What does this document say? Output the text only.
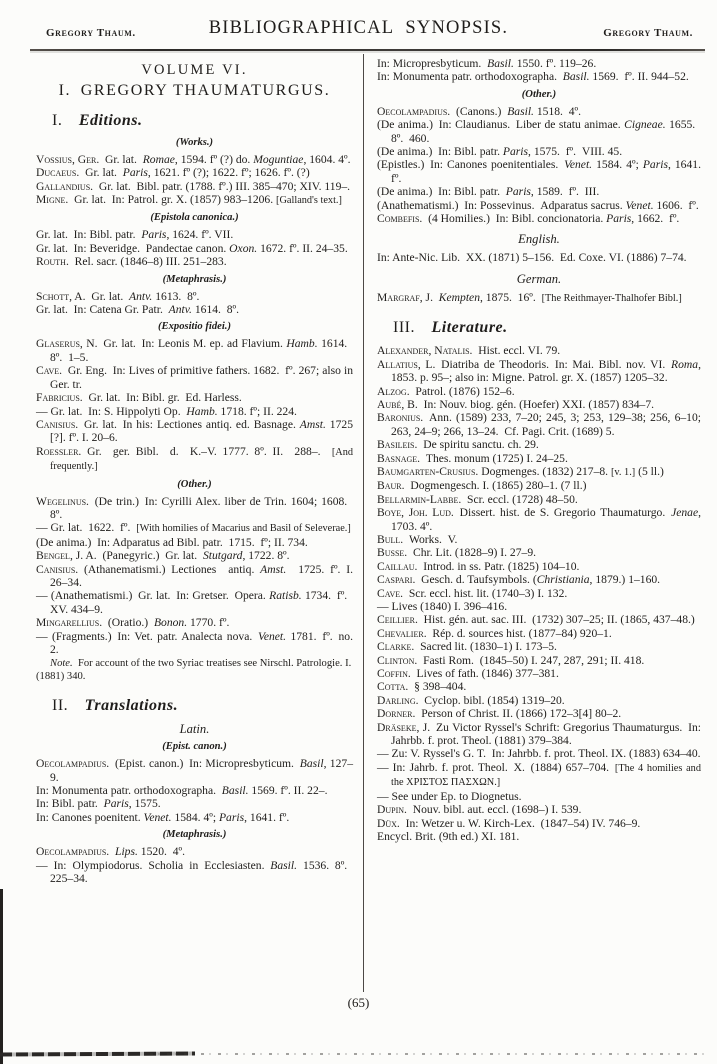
Gregory Thaum.	BIBLIOGRAPHICAL SYNOPSIS.	Gregory Thaum.
VOLUME VI.
I. GREGORY THAUMATURGUS.
I. Editions.
(Works.)
Vossius, Ger. Gr. lat. Romae, 1594. fº (?) do. Moguntiae, 1604. 4º.
Ducaeus. Gr. lat. Paris, 1621. fº (?); 1622. fº; 1626. fº. (?)
Gallandius. Gr. lat. Bibl. patr. (1788. fº.) III. 385–470; XIV. 119–.
Migne. Gr. lat. In: Patrol. gr. X. (1857) 983–1206. [Galland's text.]
(Epistola canonica.)
Gr. lat. In: Bibl. patr. Paris, 1624. fº. VII.
Gr. lat. In: Beveridge. Pandectae canon. Oxon. 1672. fº. II. 24–35.
Routh. Rel. sacr. (1846–8) III. 251–283.
(Metaphrasis.)
Schott, A. Gr. lat. Antv. 1613. 8º.
Gr. lat. In: Catena Gr. Patr. Antv. 1614. 8º.
(Expositio fidei.)
Glaserus, N. Gr. lat. In: Leonis M. ep. ad Flavium. Hamb. 1614. 8º. 1–5.
Cave. Gr. Eng. In: Lives of primitive fathers. 1682. fº. 267; also in Ger. tr.
Fabricius. Gr. lat. In: Bibl. gr. Ed. Harless.
— Gr. lat. In: S. Hippolyti Op. Hamb. 1718. fº; II. 224.
Canisius. Gr. lat. In his: Lectiones antiq. ed. Basnage. Amst. 1725 [?]. fº. I. 20–6.
Roessler. Gr. ger. Bibl. d. K.–V. 1777. 8º. II. 288–. [And frequently.]
(Other.)
Wegelinus. (De trin.) In: Cyrilli Alex. liber de Trin. 1604; 1608. 8º.
— Gr. lat. 1622. fº. [With homilies of Macarius and Basil of Seleverae.]
(De anima.) In: Adparatus ad Bibl. patr. 1715. fº; II. 734.
Bengel, J. A. (Panegyric.) Gr. lat. Stutgard, 1722. 8º.
Canisius. (Athanematismi.) Lectiones antiq. Amst. 1725. fº. I. 26–34.
— (Anathematismi.) Gr. lat. In: Gretser. Opera. Ratisb. 1734. fº. XV. 434–9.
Mingarellius. (Oratio.) Bonon. 1770. fº.
— (Fragments.) In: Vet. patr. Analecta nova. Venet. 1781. fº. no. 2.
Note. For account of the two Syriac treatises see Nirschl. Patrologie. I. (1881) 340.
II. Translations.
Latin.
(Epist. canon.)
Oecolampadius. (Epist. canon.) In: Micropresbyticum. Basil, 127–9.
In: Monumenta patr. orthodoxographa. Basil. 1569. fº. II. 22–.
In: Bibl. patr. Paris, 1575.
In: Canones poenitent. Venet. 1584. 4º; Paris, 1641. fº.
(Metaphrasis.)
Oecolampadius.  Lips. 1520. 4º.
— In: Olympiodorus. Scholia in Ecclesiasten. Basil. 1536. 8º. 225–34.
In: Micropresbyticum. Basil. 1550. fº. 119–26.
In: Monumenta patr. orthodoxographa. Basil. 1569. fº. II. 944–52.
(Other.)
Oecolampadius. (Canons.) Basil. 1518. 4º.
(De anima.) In: Claudianus. Liber de statu animae. Cigneae. 1655. 8º. 460.
(De anima.) In: Bibl. patr. Paris, 1575. fº. VIII. 45.
(Epistles.) In: Canones poenitentiales. Venet. 1584. 4º; Paris, 1641. fº.
(De anima.) In: Bibl. patr. Paris, 1589. fº. III.
(Anathematismi.) In: Possevinus. Adparatus sacrus. Venet. 1606. fº.
Combefis. (4 Homilies.) In: Bibl. concionatoria. Paris, 1662. fº.
English.
In: Ante-Nic. Lib. XX. (1871) 5–156. Ed. Coxe. VI. (1886) 7–74.
German.
Margraf, J.  Kempten, 1875. 16º. [The Reithmayer-Thalhofer Bibl.]
III. Literature.
Alexander, Natalis. Hist. eccl. VI. 79.
Allatius, L. Diatriba de Theodoris. In: Mai. Bibl. nov. VI. Roma, 1853. p. 95–; also in: Migne. Patrol. gr. X. (1857) 1205–32.
Alzog. Patrol. (1876) 152–6.
Aubé, B. In: Nouv. biog. gén. (Hoefer) XXI. (1857) 834–7.
Baronius. Ann. (1589) 233, 7–20; 245, 3; 253, 129–38; 256, 6–10; 263, 24–9; 266, 13–24. Cf. Pagi. Crit. (1689) 5.
Basileis. De spiritu sanctu. ch. 29.
Basnage. Thes. monum (1725) I. 24–25.
Baumgarten-Crusius. Dogmenges. (1832) 217–8. [v. 1.] (5 ll.)
Baur. Dogmengesch. I. (1865) 280–1. (7 ll.)
Bellarmin-Labbe. Scr. eccl. (1728) 48–50.
Boye, Joh. Lud. Dissert. hist. de S. Gregorio Thaumaturgo. Jenae, 1703. 4º.
Bull. Works. V.
Busse. Chr. Lit. (1828–9) I. 27–9.
Caillau. Introd. in ss. Patr. (1825) 104–10.
Caspari. Gesch. d. Taufsymbols. (Christiania, 1879.) 1–160.
Cave. Scr. eccl. hist. lit. (1740–3) I. 132.
— Lives (1840) I. 396–416.
Ceillier. Hist. gén. aut. sac. III. (1732) 307–25; II. (1865, 437–48.)
Chevalier. Rép. d. sources hist. (1877–84) 920–1.
Clarke. Sacred lit. (1830–1) I. 173–5.
Clinton. Fasti Rom. (1845–50) I. 247, 287, 291; II. 418.
Coffin. Lives of fath. (1846) 377–381.
Cotta. § 398–404.
Darling. Cyclop. bibl. (1854) 1319–20.
Dorner. Person of Christ. II. (1866) 172–3[4] 80–2.
Dräseke, J. Zu Victor Ryssel's Schrift: Gregorius Thaumaturgus. In: Jahrbb. f. prot. Theol. (1881) 379–384.
— Zu: V. Ryssel's G. T. In: Jahrbb. f. prot. Theol. IX. (1883) 634–40.
— In: Jahrb. f. prot. Theol. X. (1884) 657–704. [The 4 homilies and the ΧΡΙΣΤΟΣ ΠΑΣΧΩΝ.]
— See under Ep. to Diognetus.
Dupin. Nouv. bibl. aut. eccl. (1698–) I. 539.
Düx. In: Wetzer u. W. Kirch-Lex. (1847–54) IV. 746–9.
Encycl. Brit. (9th ed.) XI. 181.
(65)
